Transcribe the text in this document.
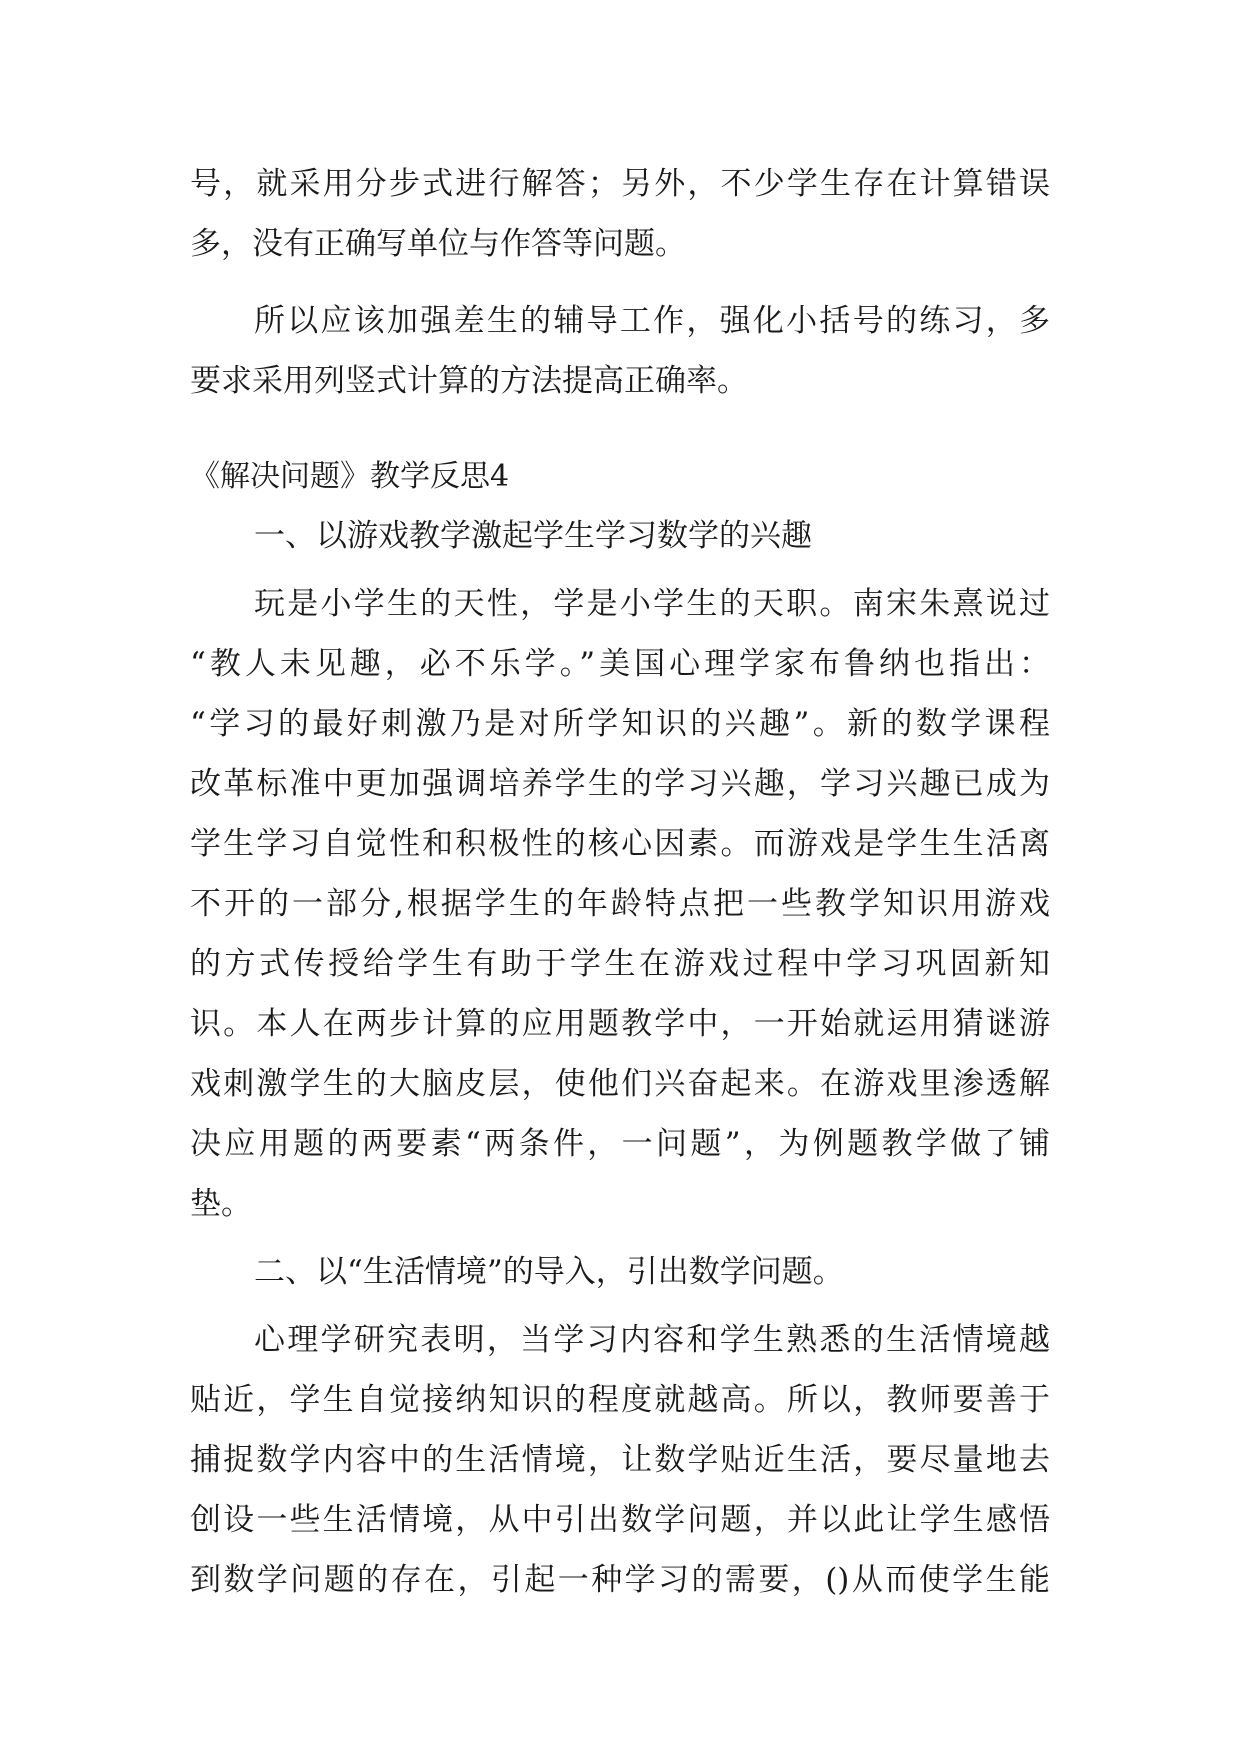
号，就采用分步式进行解答；另外，不少学生存在计算错误
多，没有正确写单位与作答等问题。
所以应该加强差生的辅导工作，强化小括号的练习，多
要求采用列竖式计算的方法提高正确率。
《解决问题》教学反思4
一、以游戏教学激起学生学习数学的兴趣
玩是小学生的天性，学是小学生的天职。南宋朱熹说过
“教人未见趣，必不乐学。”美国心理学家布鲁纳也指出：
“学习的最好刺激乃是对所学知识的兴趣”。新的数学课程
改革标准中更加强调培养学生的学习兴趣，学习兴趣已成为
学生学习自觉性和积极性的核心因素。而游戏是学生生活离
不开的一部分,根据学生的年龄特点把一些教学知识用游戏
的方式传授给学生有助于学生在游戏过程中学习巩固新知
识。本人在两步计算的应用题教学中，一开始就运用猜谜游
戏刺激学生的大脑皮层，使他们兴奋起来。在游戏里渗透解
决应用题的两要素“两条件，一问题”，为例题教学做了铺
垫。
二、以“生活情境”的导入，引出数学问题。
心理学研究表明，当学习内容和学生熟悉的生活情境越
贴近，学生自觉接纳知识的程度就越高。所以，教师要善于
捕捉数学内容中的生活情境，让数学贴近生活，要尽量地去
创设一些生活情境，从中引出数学问题，并以此让学生感悟
到数学问题的存在，引起一种学习的需要，()从而使学生能
